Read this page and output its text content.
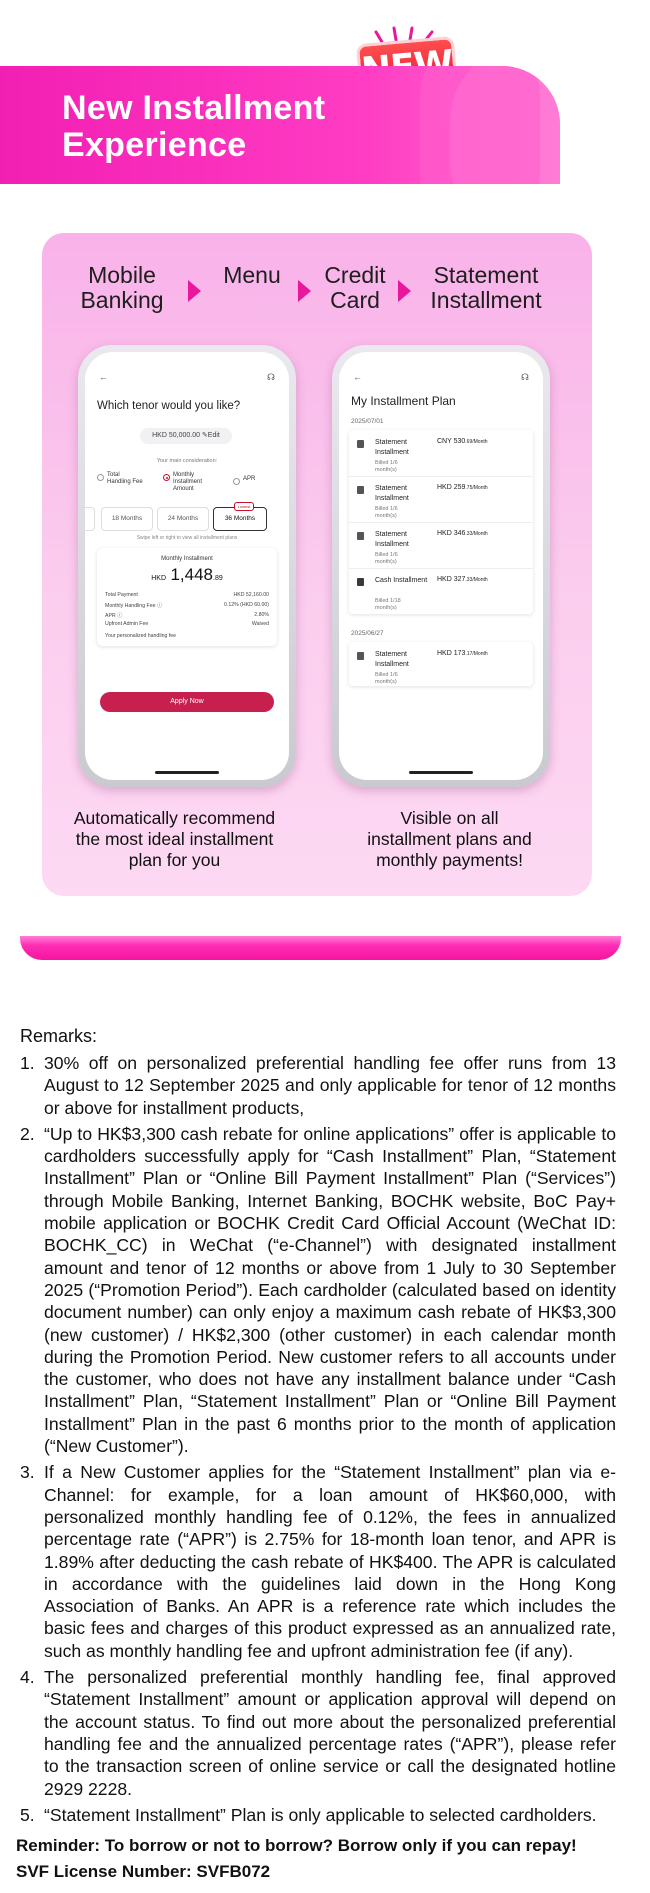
New Installment Experience
Mobile Banking
Menu	Credit Card
Statement Installment
←	☊
Which tenor would you like?
HKD 50,000.00 ✎Edit
Your main consideration:
Total Handling Fee
Monthly Installment Amount
APR
18 Months	24 Months
Lowest
36 Months
Swipe left or right to view all installment plans
Monthly Installment
HKD 1,448.89
Total Payment	HKD 52,160.00
Monthly Handling Fee ⓘ	0.12% (HKD 60.00)
APR ⓘ	2.80%
Upfront Admin Fee	Waived
Your personalized handling fee
Apply Now
←	☊
My Installment Plan
2025/07/01
Statement Installment
Billed 1/6 month(s)
CNY 530.69/Month
Statement Installment
Billed 1/6 month(s)
HKD 259.75/Month
Statement Installment
Billed 1/6 month(s)
HKD 346.33/Month
Cash Installment
Billed 1/18 month(s)
HKD 327.33/Month
2025/06/27
Statement Installment
Billed 1/6 month(s)
HKD 173.17/Month
Automatically recommend the most ideal installment plan for you
Visible on all installment plans and monthly payments!
Remarks:
1. 30% off on personalized preferential handling fee offer runs from 13 August to 12 September 2025 and only applicable for tenor of 12 months or above for installment products,
2. “Up to HK$3,300 cash rebate for online applications” offer is applicable to cardholders successfully apply for “Cash Installment” Plan, “Statement Installment” Plan or “Online Bill Payment Installment” Plan (“Services”) through Mobile Banking, Internet Banking, BOCHK website, BoC Pay+ mobile application or BOCHK Credit Card Official Account (WeChat ID: BOCHK_CC) in WeChat (“e-Channel”) with designated installment amount and tenor of 12 months or above from 1 July to 30 September 2025 (“Promotion Period”). Each cardholder (calculated based on identity document number) can only enjoy a maximum cash rebate of HK$3,300 (new customer) / HK$2,300 (other customer) in each calendar month during the Promotion Period. New customer refers to all accounts under the customer, who does not have any installment balance under “Cash Installment” Plan, “Statement Installment” Plan or “Online Bill Payment Installment” Plan in the past 6 months prior to the month of application (“New Customer”).
3. If a New Customer applies for the “Statement Installment” plan via e-Channel: for example, for a loan amount of HK$60,000, with personalized monthly handling fee of 0.12%, the fees in annualized percentage rate (“APR”) is 2.75% for 18-month loan tenor, and APR is 1.89% after deducting the cash rebate of HK$400. The APR is calculated in accordance with the guidelines laid down in the Hong Kong Association of Banks. An APR is a reference rate which includes the basic fees and charges of this product expressed as an annualized rate, such as monthly handling fee and upfront administration fee (if any).
4. The personalized preferential monthly handling fee, final approved “Statement Installment” amount or application approval will depend on the account status. To find out more about the personalized preferential handling fee and the annualized percentage rates (“APR”), please refer to the transaction screen of online service or call the designated hotline 2929 2228.
5. “Statement Installment” Plan is only applicable to selected cardholders.
Reminder: To borrow or not to borrow? Borrow only if you can repay!
SVF License Number: SVFB072
